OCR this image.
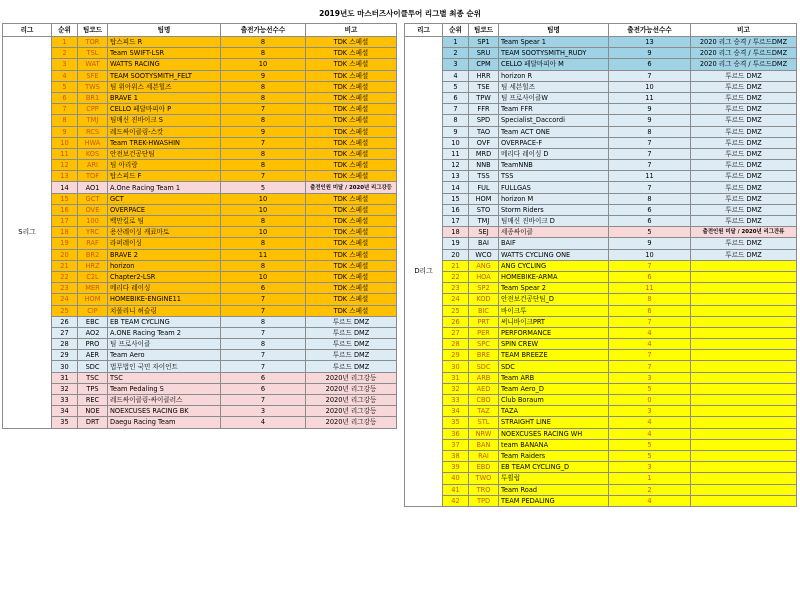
2019년도 마스터즈사이클투어 리그별 최종 순위
리그	순위	팀코드	팀명	출전가능선수수	비고
S리그	1	TOR	탑스피드 R	8	TDK 스페셜
	2	TSL	Team SWIFT-LSR	8	TDK 스페셜
	3	WAT	WATTS RACING	10	TDK 스페셜
	4	SFE	TEAM SOOTYSMITH_FELT	9	TDK 스페셜
	5	TWS	팀 위아위스 세븐힐즈	8	TDK 스페셜
	6	BR1	BRAVE 1	8	TDK 스페셜
	7	CPP	CELLO 페달마피아 P	7	TDK 스페셜
	8	TMJ	팀매신 진바이크 S	8	TDK 스페셜
	9	RCS	레드싸이클링-스캇	9	TDK 스페셜
	10	HWA	Team TREK-HWASHIN	7	TDK 스페셜
	11	KOS	안전보건공단팀	8	TDK 스페셜
	12	ARI	팀 아리랑	8	TDK 스페셜
	13	TOF	탑스피드 F	7	TDK 스페셜
	14	AO1	A.One Racing Team 1	5	출전인원 미달 / 2020년 리그강등
	15	GCT	GCT	10	TDK 스페셜
	16	OVE	OVERPACE	10	TDK 스페셜
	17	100	백만킬로 팀	8	TDK 스페셜
	18	YRC	용산레이싱 캐료마토	10	TDK 스페셜
	19	RAF	라퍼레이싱	8	TDK 스페셜
	20	BR2	BRAVE 2	11	TDK 스페셜
	21	HRZ	horizon	8	TDK 스페셜
	22	C2L	Chapter2-LSR	10	TDK 스페셜
	23	MER	메리다 레이싱	6	TDK 스페셜
	24	HOM	HOMEBIKE-ENGINE11	7	TDK 스페셜
	25	CIP	치폴리니 허슬링	7	TDK 스페셜
	26	EBC	EB TEAM CYCLING	8	투르드 DMZ
	27	AO2	A.ONE Racing Team 2	7	투르드 DMZ
	28	PRO	팀 프로사이클	8	투르드 DMZ
	29	AER	Team Aero	7	투르드 DMZ
	30	SDC	법무법인 국민 자이언트	7	투르드 DMZ
	31	TSC	TSC	6	2020년 리그강등
	32	TPS	Team Pedaling S	6	2020년 리그강등
	33	REC	레드싸이클링-싸이클러스	7	2020년 리그강등
	34	NOE	NOEXCUSES RACING BK	3	2020년 리그강등
	35	DRT	Daegu Racing Team	4	2020년 리그강등
리그	순위	팀코드	팀명	출전가능선수수	비고
D리그	1	SP1	Team Spear 1	13	2020 리그 승격 / 투르드DMZ
	2	SRU	TEAM SOOTYSMITH_RUDY	9	2020 리그 승격 / 투르드DMZ
	3	CPM	CELLO 페달마피아 M	6	2020 리그 승격 / 투르드DMZ
	4	HRR	horizon R	7	투르드 DMZ
	5	TSE	팀 세븐힐즈	10	투르드 DMZ
	6	TPW	팀 프로사이클W	11	투르드 DMZ
	7	FFR	Team FFR	9	투르드 DMZ
	8	SPD	Specialist_Daccordi	9	투르드 DMZ
	9	TAO	Team ACT ONE	8	투르드 DMZ
	10	OVF	OVERPACE-F	7	투르드 DMZ
	11	MRD	메리다 레이싱 D	7	투르드 DMZ
	12	NNB	TeamNNB	7	투르드 DMZ
	13	TSS	TSS	11	투르드 DMZ
	14	FUL	FULLGAS	7	투르드 DMZ
	15	HOM	horizon M	8	투르드 DMZ
	16	STO	Storm Riders	6	투르드 DMZ
	17	TMJ	팀매신 진바이크 D	6	투르드 DMZ
	18	SEJ	세종싸이클	5	출전인원 미달 / 2020년 리그잔류
	19	BAI	BAIF	9	투르드 DMZ
	20	WCO	WATTS CYCLING ONE	10	투르드 DMZ
	21	ANG	ANG CYCLING	7	
	22	HOA	HOMEBIKE-ARMA	6	
	23	SP2	Team Spear 2	11	
	24	KOD	안전보건공단팀_D	8	
	25	BIC	바이크투	6	
	26	PRT	써니바이크PRT	7	
	27	PER	PERFORMANCE	4	
	28	SPC	SPIN CREW	4	
	29	BRE	TEAM BREEZE	7	
	30	SDC	SDC	7	
	31	ARB	Team ARB	3	
	32	AED	Team Aero_D	5	
	33	CBO	Club Boraum	0	
	34	TAZ	TAZA	3	
	35	STL	STRAIGHT LINE	4	
	36	NRW	NOEXCUSES RACING WH	4	
	37	BAN	team BANANA	5	
	38	RAI	Team Raiders	5	
	39	EBD	EB TEAM CYCLING_D	3	
	40	TWO	투휠럽	1	
	41	TRO	Team Road	2	
	42	TPD	TEAM PEDALING	4	
